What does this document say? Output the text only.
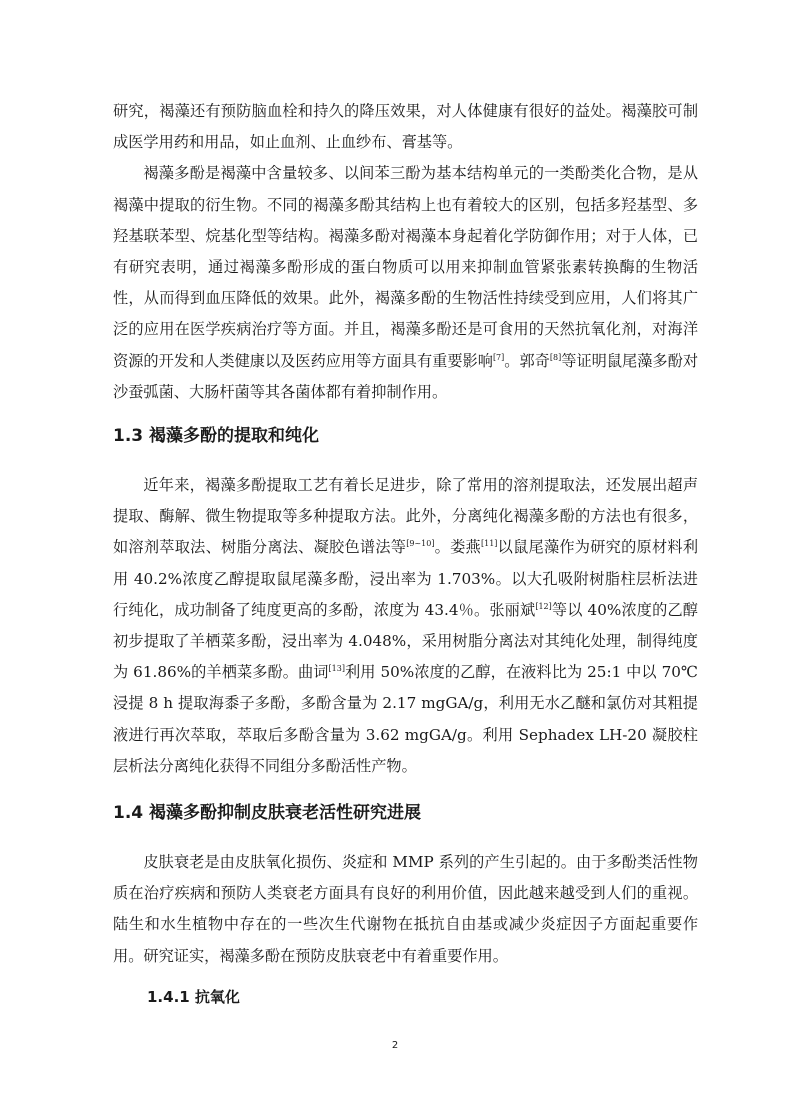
研究，褐藻还有预防脑血栓和持久的降压效果，对人体健康有很好的益处。褐藻胶可制成医学用药和用品，如止血剂、止血纱布、膏基等。

褐藻多酚是褐藻中含量较多、以间苯三酚为基本结构单元的一类酚类化合物，是从褐藻中提取的衍生物。不同的褐藻多酚其结构上也有着较大的区别，包括多羟基型、多羟基联苯型、烷基化型等结构。褐藻多酚对褐藻本身起着化学防御作用；对于人体，已有研究表明，通过褐藻多酚形成的蛋白物质可以用来抑制血管紧张素转换酶的生物活性，从而得到血压降低的效果。此外，褐藻多酚的生物活性持续受到应用，人们将其广泛的应用在医学疾病治疗等方面。并且，褐藻多酚还是可食用的天然抗氧化剂，对海洋资源的开发和人类健康以及医药应用等方面具有重要影响[7]。郭奇[8]等证明鼠尾藻多酚对沙蚕弧菌、大肠杆菌等其各菌体都有着抑制作用。

1.3 褐藻多酚的提取和纯化

近年来，褐藻多酚提取工艺有着长足进步，除了常用的溶剂提取法，还发展出超声提取、酶解、微生物提取等多种提取方法。此外，分离纯化褐藻多酚的方法也有很多，如溶剂萃取法、树脂分离法、凝胶色谱法等[9~10]。娄燕[11]以鼠尾藻作为研究的原材料利用 40.2%浓度乙醇提取鼠尾藻多酚，浸出率为 1.703%。以大孔吸附树脂柱层析法进行纯化，成功制备了纯度更高的多酚，浓度为 43.4％。张丽斌[12]等以 40%浓度的乙醇初步提取了羊栖菜多酚，浸出率为 4.048%，采用树脂分离法对其纯化处理，制得纯度为 61.86%的羊栖菜多酚。曲词[13]利用 50%浓度的乙醇，在液料比为 25:1 中以 70℃浸提 8 h 提取海黍子多酚，多酚含量为 2.17 mgGA/g，利用无水乙醚和氯仿对其粗提液进行再次萃取，萃取后多酚含量为 3.62 mgGA/g。利用 Sephadex LH-20 凝胶柱层析法分离纯化获得不同组分多酚活性产物。

1.4 褐藻多酚抑制皮肤衰老活性研究进展

皮肤衰老是由皮肤氧化损伤、炎症和 MMP 系列的产生引起的。由于多酚类活性物质在治疗疾病和预防人类衰老方面具有良好的利用价值，因此越来越受到人们的重视。陆生和水生植物中存在的一些次生代谢物在抵抗自由基或减少炎症因子方面起重要作用。研究证实，褐藻多酚在预防皮肤衰老中有着重要作用。

1.4.1 抗氧化
2
